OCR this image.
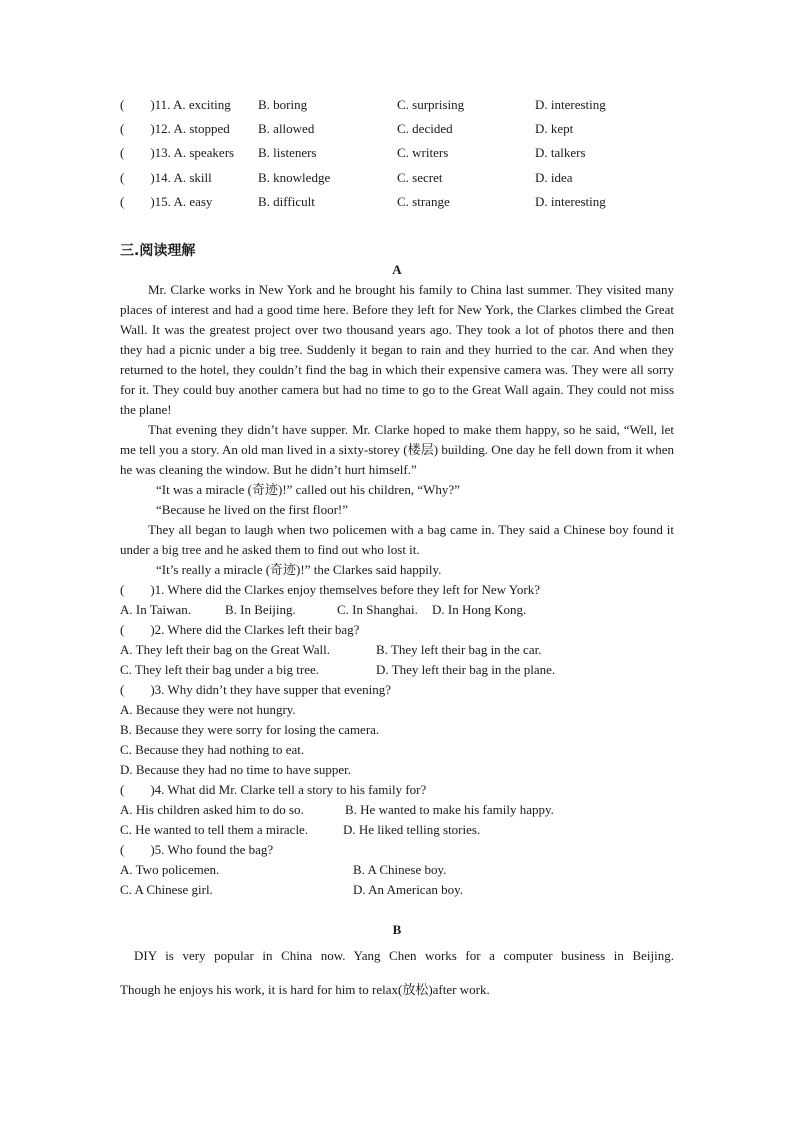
(　　)11. A. exciting B. boring	C. surprising	D. interesting
(　　)12. A. stopped B. allowed	C. decided	D. kept
(　　)13. A. speakers B. listeners	C. writers	D. talkers
(　　)14. A. skill	B. knowledge	C. secret	D. idea
(　　)15. A. easy	B. difficult	C. strange	D. interesting
三.阅读理解
A
Mr. Clarke works in New York and he brought his family to China last summer. They visited many places of interest and had a good time here. Before they left for New York, the Clarkes climbed the Great Wall. It was the greatest project over two thousand years ago. They took a lot of photos there and then they had a picnic under a big tree. Suddenly it began to rain and they hurried to the car. And when they returned to the hotel, they couldn’t find the bag in which their expensive camera was. They were all sorry for it. They could buy another camera but had no time to go to the Great Wall again. They could not miss the plane!
That evening they didn’t have supper. Mr. Clarke hoped to make them happy, so he said, “Well, let me tell you a story. An old man lived in a sixty-storey (楼层) building. One day he fell down from it when he was cleaning the window. But he didn’t hurt himself.”
“It was a miracle (奇迹)!” called out his children, “Why?”
“Because he lived on the first floor!”
They all began to laugh when two policemen with a bag came in. They said a Chinese boy found it under a big tree and he asked them to find out who lost it.
“It’s really a miracle (奇迹)!” the Clarkes said happily.
(　　)1. Where did the Clarkes enjoy themselves before they left for New York?
A. In Taiwan.	B. In Beijing.	C. In Shanghai. D. In Hong Kong.
(　　)2. Where did the Clarkes left their bag?
A. They left their bag on the Great Wall.	B. They left their bag in the car.
C. They left their bag under a big tree.	D. They left their bag in the plane.
(　　)3. Why didn’t they have supper that evening?
A. Because they were not hungry.
B. Because they were sorry for losing the camera.
C. Because they had nothing to eat.
D. Because they had no time to have supper.
(　　)4. What did Mr. Clarke tell a story to his family for?
A. His children asked him to do so.	B. He wanted to make his family happy.
C. He wanted to tell them a miracle.	D. He liked telling stories.
(　　)5. Who found the bag?
A. Two policemen.	B. A Chinese boy.
C. A Chinese girl.	D. An American boy.
B
DIY is very popular in China now. Yang Chen works for a computer business in Beijing.
Though he enjoys his work, it is hard for him to relax(放松)after work.
